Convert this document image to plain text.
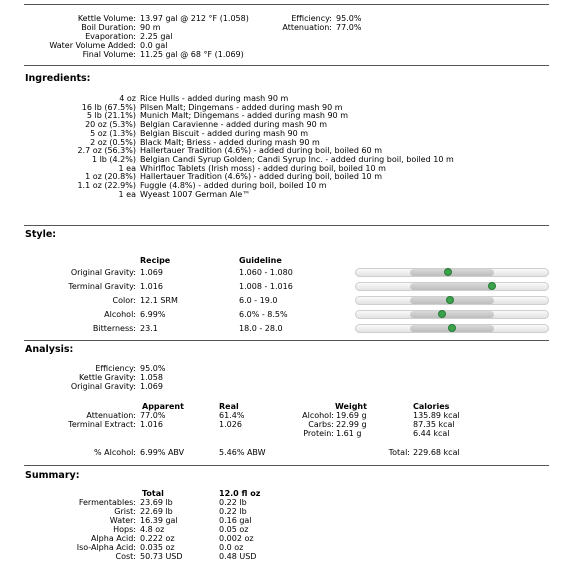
Kettle Volume: 13.97 gal @ 212 °F (1.058)
Boil Duration: 90 m
Evaporation: 2.25 gal
Water Volume Added: 0.0 gal
Final Volume: 11.25 gal @ 68 °F (1.069)
Efficiency: 95.0%
Attenuation: 77.0%
Ingredients:
4 oz Rice Hulls - added during mash 90 m
16 lb (67.5%) Pilsen Malt; Dingemans - added during mash 90 m
5 lb (21.1%) Munich Malt; Dingemans - added during mash 90 m
20 oz (5.3%) Belgian Caravienne - added during mash 90 m
5 oz (1.3%) Belgian Biscuit - added during mash 90 m
2 oz (0.5%) Black Malt; Briess - added during mash 90 m
2.7 oz (56.3%) Hallertauer Tradition (4.6%) - added during boil, boiled 60 m
1 lb (4.2%) Belgian Candi Syrup Golden; Candi Syrup Inc. - added during boil, boiled 10 m
1 ea Whirlfloc Tablets (Irish moss) - added during boil, boiled 10 m
1 oz (20.8%) Hallertauer Tradition (4.6%) - added during boil, boiled 10 m
1.1 oz (22.9%) Fuggle (4.8%) - added during boil, boiled 10 m
1 ea Wyeast 1007 German Ale™
Style:
Recipe	Guideline
Original Gravity: 1.069	1.060 - 1.080
Terminal Gravity: 1.016	1.008 - 1.016
Color: 12.1 SRM	6.0 - 19.0
Alcohol: 6.99%	6.0% - 8.5%
Bitterness: 23.1	18.0 - 28.0
Analysis:
Efficiency: 95.0%
Kettle Gravity: 1.058
Original Gravity: 1.069
Apparent	Real	Weight	Calories
Attenuation: 77.0%	61.4%
Terminal Extract: 1.016	1.026
Alcohol: 19.69 g	135.89 kcal
Carbs: 22.99 g	87.35 kcal
Protein: 1.61 g	6.44 kcal
% Alcohol: 6.99% ABV	5.46% ABW	Total: 229.68 kcal
Summary:
Total	12.0 fl oz
Fermentables: 23.69 lb	0.22 lb
Grist: 22.69 lb	0.22 lb
Water: 16.39 gal	0.16 gal
Hops: 4.8 oz	0.05 oz
Alpha Acid: 0.222 oz	0.002 oz
Iso-Alpha Acid: 0.035 oz	0.0 oz
Cost: 50.73 USD	0.48 USD
